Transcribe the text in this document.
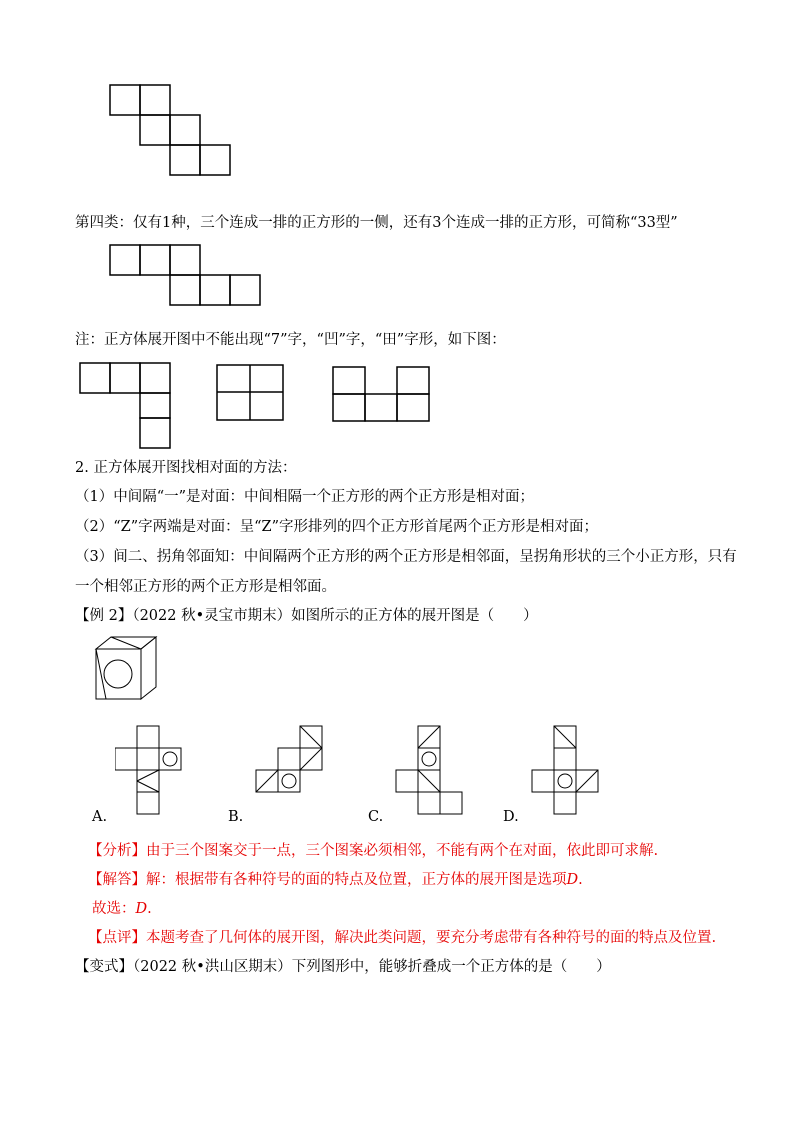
第四类：仅有1种，三个连成一排的正方形的一侧，还有3个连成一排的正方形，可简称“33型”
注：正方体展开图中不能出现“7”字，“凹”字，“田”字形，如下图：
2. 正方体展开图找相对面的方法：
（1）中间隔“一”是对面：中间相隔一个正方形的两个正方形是相对面；
（2）“Z”字两端是对面：呈“Z”字形排列的四个正方形首尾两个正方形是相对面；
（3）间二、拐角邻面知：中间隔两个正方形的两个正方形是相邻面，呈拐角形状的三个小正方形，只有
一个相邻正方形的两个正方形是相邻面。
【例 2】（2022 秋•灵宝市期末）如图所示的正方体的展开图是（　　）
A.	B.	C.	D.
【分析】由于三个图案交于一点，三个图案必须相邻，不能有两个在对面，依此即可求解.
【解答】解：根据带有各种符号的面的特点及位置，正方体的展开图是选项D.
故选：D.
【点评】本题考查了几何体的展开图，解决此类问题，要充分考虑带有各种符号的面的特点及位置.
【变式】（2022 秋•洪山区期末）下列图形中，能够折叠成一个正方体的是（　　）
